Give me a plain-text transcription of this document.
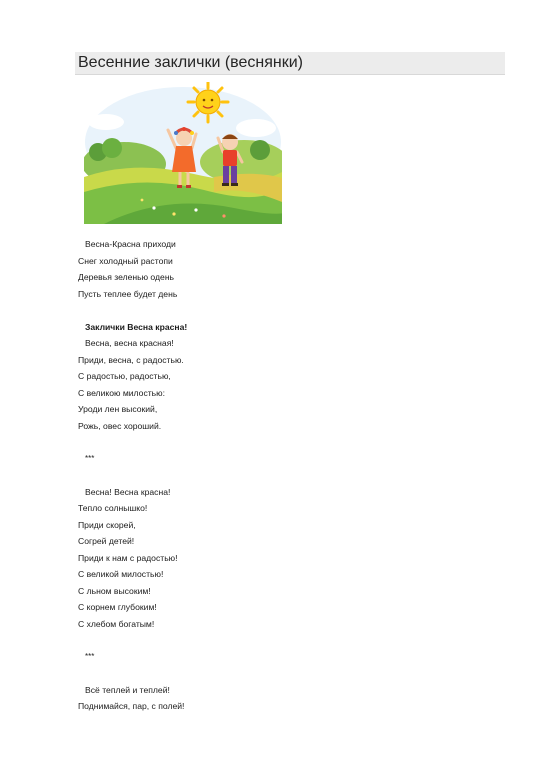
Весенние заклички (веснянки)
Весна-Красна приходи
Снег холодный растопи
Деревья зеленью одень
Пусть теплее будет день
Заклички Весна красна!
Весна, весна красная!
Приди, весна, с радостью.
С радостью, радостью,
С великою милостью:
Уроди лен высокий,
Рожь, овес хороший.
***
Весна! Весна красна!
Тепло солнышко!
Приди скорей,
Согрей детей!
Приди к нам с радостью!
С великой милостью!
С льном высоким!
С корнем глубоким!
С хлебом богатым!
***
Всё теплей и теплей!
Поднимайся, пар, с полей!
